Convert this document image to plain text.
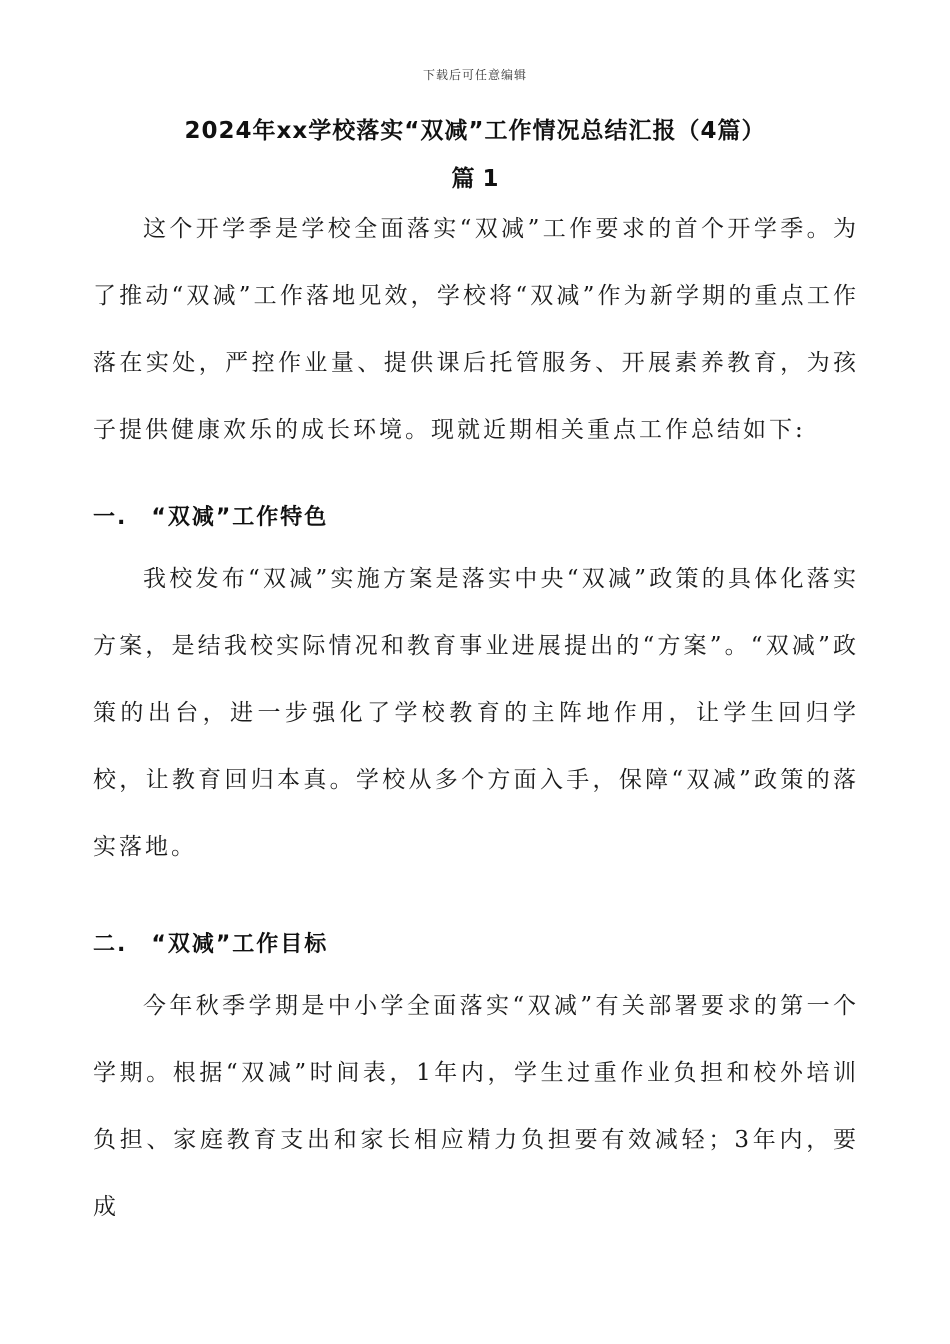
下载后可任意编辑
2024年xx学校落实“双减”工作情况总结汇报（4篇）
篇 1

这个开学季是学校全面落实“双减”工作要求的首个开学季。为了推动“双减”工作落地见效，学校将“双减”作为新学期的重点工作落在实处，严控作业量、提供课后托管服务、开展素养教育，为孩子提供健康欢乐的成长环境。现就近期相关重点工作总结如下:

一.　“双减”工作特色

我校发布“双减”实施方案是落实中央“双减”政策的具体化落实方案，是结我校实际情况和教育事业进展提出的“方案”。“双减”政策的出台，进一步强化了学校教育的主阵地作用，让学生回归学校，让教育回归本真。学校从多个方面入手，保障“双减”政策的落实落地。

二.　“双减”工作目标

今年秋季学期是中小学全面落实“双减”有关部署要求的第一个学期。根据“双减”时间表，1年内，学生过重作业负担和校外培训负担、家庭教育支出和家长相应精力负担要有效减轻；3年内，要成
